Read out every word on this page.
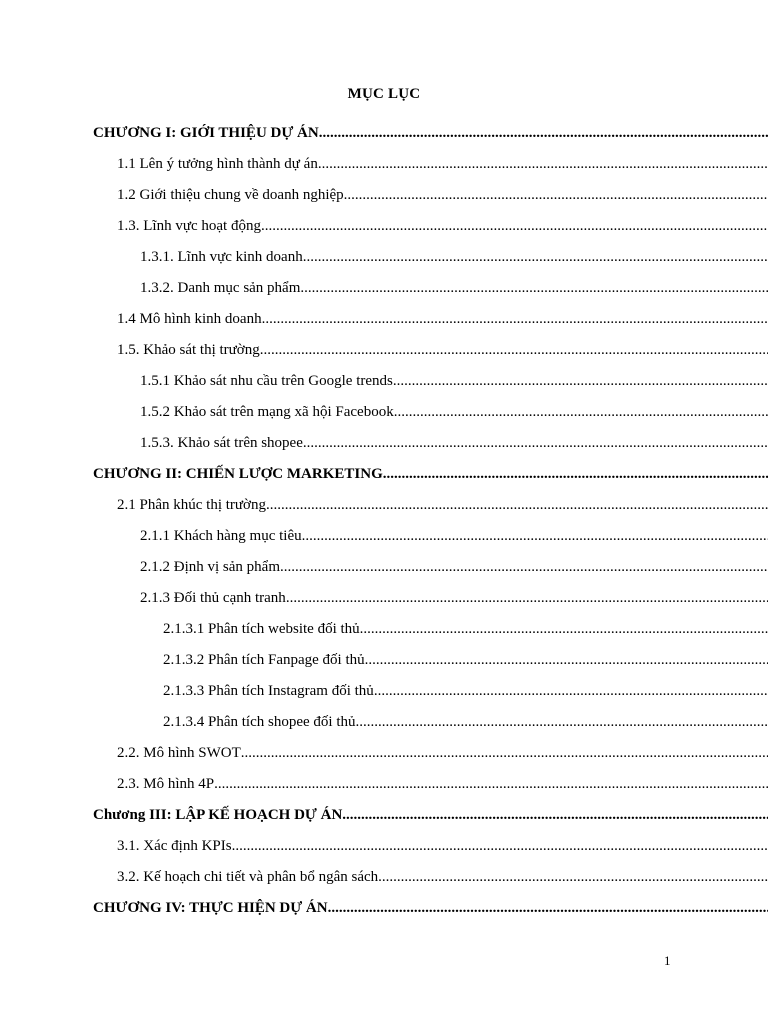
MỤC LỤC
CHƯƠNG I: GIỚI THIỆU DỰ ÁN
.....
1.1 Lên ý tưởng hình thành dự án
.....
1.2 Giới thiệu chung về doanh nghiệp
.....
1.3. Lĩnh vực hoạt động
.....
1.3.1. Lĩnh vực kinh doanh
.....
1.3.2. Danh mục sản phẩm
.....
1.4 Mô hình kinh doanh
.....
1.5. Khảo sát thị trường
.....
1.5.1 Khảo sát nhu cầu trên Google trends
.....
1.5.2 Khảo sát trên mạng xã hội Facebook
.....
1.5.3. Khảo sát trên shopee
.....
CHƯƠNG II: CHIẾN LƯỢC MARKETING
.....
2.1 Phân khúc thị trường
.....
2.1.1 Khách hàng mục tiêu
.....
2.1.2 Định vị sản phẩm
.....
2.1.3 Đối thủ cạnh tranh
.....
2.1.3.1 Phân tích website đối thủ
.....
2.1.3.2 Phân tích Fanpage đối thủ
.....
2.1.3.3 Phân tích Instagram đối thủ
.....
2.1.3.4 Phân tích shopee đối thủ
.....
2.2. Mô hình SWOT
.....
2.3. Mô hình 4P
.....
Chương III: LẬP KẾ HOẠCH DỰ ÁN
.....
3.1. Xác định KPIs
.....
3.2. Kế hoạch chi tiết và phân bổ ngân sách
.....
CHƯƠNG IV: THỰC HIỆN DỰ ÁN
.....
1
